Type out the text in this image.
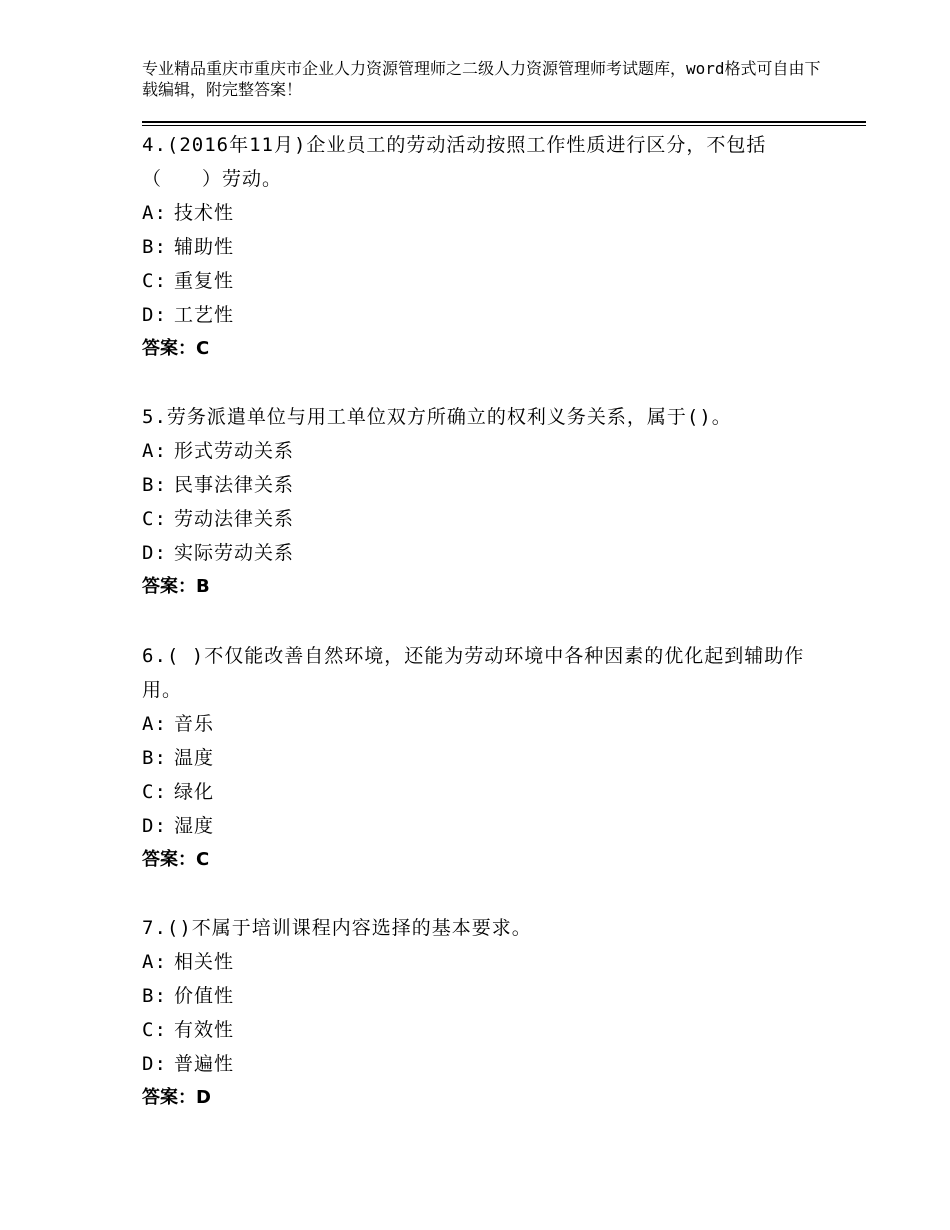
专业精品重庆市重庆市企业人力资源管理师之二级人力资源管理师考试题库，word格式可自由下载编辑，附完整答案！

4.(2016年11月)企业员工的劳动活动按照工作性质进行区分，不包括（　　）劳动。

A: 技术性
B: 辅助性
C: 重复性
D: 工艺性
答案：C

5.劳务派遣单位与用工单位双方所确立的权利义务关系，属于()。

A: 形式劳动关系
B: 民事法律关系
C: 劳动法律关系
D: 实际劳动关系
答案：B

6.( )不仅能改善自然环境，还能为劳动环境中各种因素的优化起到辅助作用。

A: 音乐
B: 温度
C: 绿化
D: 湿度
答案：C

7.()不属于培训课程内容选择的基本要求。

A: 相关性
B: 价值性
C: 有效性
D: 普遍性
答案：D
